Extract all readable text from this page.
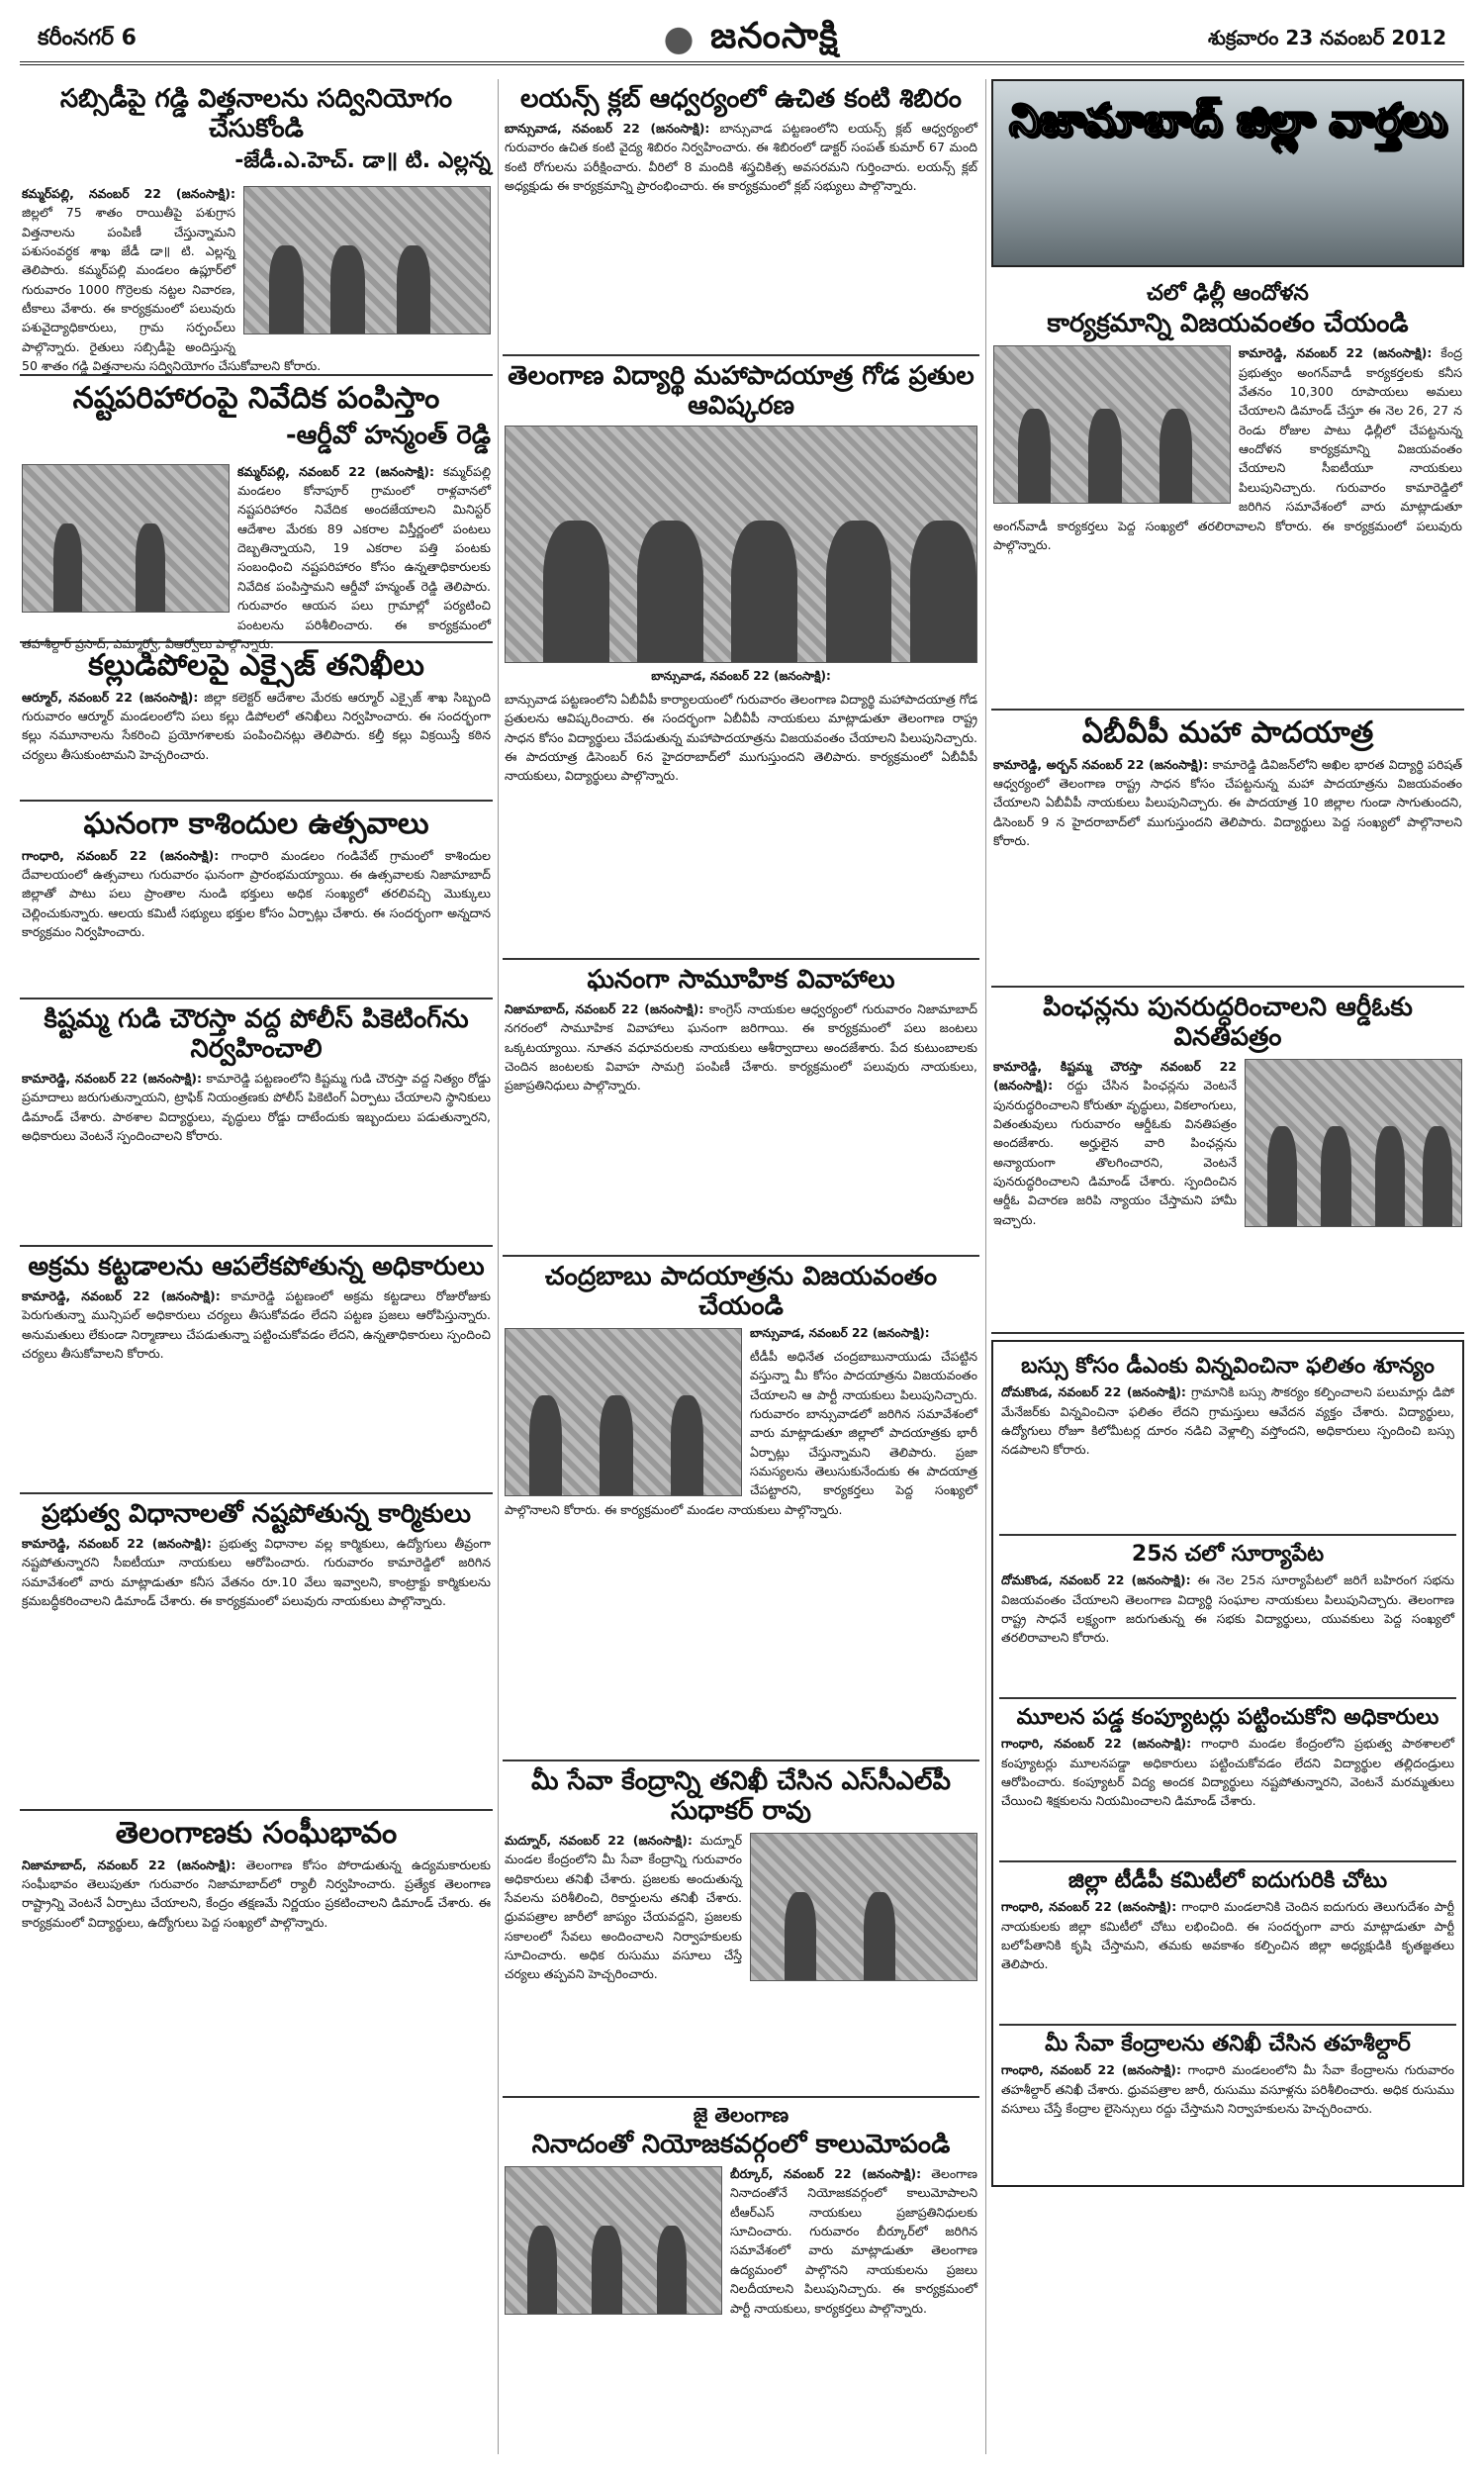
కరీంనగర్ 6	జనంసాక్షి	శుక్రవారం 23 నవంబర్ 2012
సబ్సిడీపై గడ్డి విత్తనాలను సద్వినియోగం చేసుకోండి
-జేడీ.ఎ.హెచ్. డా॥ టి. ఎల్లన్న
కమ్మర్‌పల్లి, నవంబర్ 22 (జనంసాక్షి): జిల్లలో 75 శాతం రాయితీపై పశుగ్రాస విత్తనాలను పంపిణీ చేస్తున్నామని పశుసంవర్ధక శాఖ జేడీ డా॥ టి. ఎల్లన్న తెలిపారు. కమ్మర్‌పల్లి మండలం ఉప్లూర్‌లో గురువారం 1000 గొర్రెలకు నట్టల నివారణ, టీకాలు వేశారు. ఈ కార్యక్రమంలో పలువురు పశువైద్యాధికారులు, గ్రామ సర్పంచ్‌లు పాల్గొన్నారు. రైతులు సబ్సిడీపై అందిస్తున్న 50 శాతం గడ్డి విత్తనాలను సద్వినియోగం చేసుకోవాలని కోరారు.
నష్టపరిహారంపై నివేదిక పంపిస్తాం
-ఆర్డీవో హన్మంత్ రెడ్డి
కమ్మర్‌పల్లి, నవంబర్ 22 (జనంసాక్షి): కమ్మర్‌పల్లి మండలం కోనాపూర్ గ్రామంలో రాళ్లవానలో నష్టపరిహారం నివేదిక అందజేయాలని మినిస్టర్ ఆదేశాల మేరకు 89 ఎకరాల విస్తీర్ణంలో పంటలు దెబ్బతిన్నాయని, 19 ఎకరాల పత్తి పంటకు సంబంధించి నష్టపరిహారం కోసం ఉన్నతాధికారులకు నివేదిక పంపిస్తామని ఆర్డీవో హన్మంత్ రెడ్డి తెలిపారు. గురువారం ఆయన పలు గ్రామాల్లో పర్యటించి పంటలను పరిశీలించారు. ఈ కార్యక్రమంలో తహశీల్దార్ ప్రసాద్, ఎమ్మార్వో, వీఆర్వోలు పాల్గొన్నారు.
కల్లుడిపోలపై ఎక్సైజ్ తనిఖీలు
ఆర్మూర్, నవంబర్ 22 (జనంసాక్షి): జిల్లా కలెక్టర్ ఆదేశాల మేరకు ఆర్మూర్ ఎక్సైజ్ శాఖ సిబ్బంది గురువారం ఆర్మూర్ మండలంలోని పలు కల్లు డిపోలలో తనిఖీలు నిర్వహించారు. ఈ సందర్భంగా కల్లు నమూనాలను సేకరించి ప్రయోగశాలకు పంపించినట్లు తెలిపారు. కల్తీ కల్లు విక్రయిస్తే కఠిన చర్యలు తీసుకుంటామని హెచ్చరించారు.
ఘనంగా కాశిందుల ఉత్సవాలు
గాంధారి, నవంబర్ 22 (జనంసాక్షి): గాంధారి మండలం గండివేట్ గ్రామంలో కాశిందుల దేవాలయంలో ఉత్సవాలు గురువారం ఘనంగా ప్రారంభమయ్యాయి. ఈ ఉత్సవాలకు నిజామాబాద్ జిల్లాతో పాటు పలు ప్రాంతాల నుండి భక్తులు అధిక సంఖ్యలో తరలివచ్చి మొక్కులు చెల్లించుకున్నారు. ఆలయ కమిటీ సభ్యులు భక్తుల కోసం ఏర్పాట్లు చేశారు. ఈ సందర్భంగా అన్నదాన కార్యక్రమం నిర్వహించారు.
కిష్టమ్మ గుడి చౌరస్తా వద్ద పోలీస్ పికెటింగ్‌ను నిర్వహించాలి
కామారెడ్డి, నవంబర్ 22 (జనంసాక్షి): కామారెడ్డి పట్టణంలోని కిష్టమ్మ గుడి చౌరస్తా వద్ద నిత్యం రోడ్డు ప్రమాదాలు జరుగుతున్నాయని, ట్రాఫిక్ నియంత్రణకు పోలీస్ పికెటింగ్ ఏర్పాటు చేయాలని స్థానికులు డిమాండ్ చేశారు. పాఠశాల విద్యార్థులు, వృద్ధులు రోడ్డు దాటేందుకు ఇబ్బందులు పడుతున్నారని, అధికారులు వెంటనే స్పందించాలని కోరారు.
అక్రమ కట్టడాలను ఆపలేకపోతున్న అధికారులు
కామారెడ్డి, నవంబర్ 22 (జనంసాక్షి): కామారెడ్డి పట్టణంలో అక్రమ కట్టడాలు రోజురోజుకు పెరుగుతున్నా మున్సిపల్ అధికారులు చర్యలు తీసుకోవడం లేదని పట్టణ ప్రజలు ఆరోపిస్తున్నారు. అనుమతులు లేకుండా నిర్మాణాలు చేపడుతున్నా పట్టించుకోవడం లేదని, ఉన్నతాధికారులు స్పందించి చర్యలు తీసుకోవాలని కోరారు.
ప్రభుత్వ విధానాలతో నష్టపోతున్న కార్మికులు
కామారెడ్డి, నవంబర్ 22 (జనంసాక్షి): ప్రభుత్వ విధానాల వల్ల కార్మికులు, ఉద్యోగులు తీవ్రంగా నష్టపోతున్నారని సీఐటీయూ నాయకులు ఆరోపించారు. గురువారం కామారెడ్డిలో జరిగిన సమావేశంలో వారు మాట్లాడుతూ కనీస వేతనం రూ.10 వేలు ఇవ్వాలని, కాంట్రాక్టు కార్మికులను క్రమబద్ధీకరించాలని డిమాండ్ చేశారు. ఈ కార్యక్రమంలో పలువురు నాయకులు పాల్గొన్నారు.
తెలంగాణకు సంఘీభావం
నిజామాబాద్, నవంబర్ 22 (జనంసాక్షి): తెలంగాణ కోసం పోరాడుతున్న ఉద్యమకారులకు సంఘీభావం తెలుపుతూ గురువారం నిజామాబాద్‌లో ర్యాలీ నిర్వహించారు. ప్రత్యేక తెలంగాణ రాష్ట్రాన్ని వెంటనే ఏర్పాటు చేయాలని, కేంద్రం తక్షణమే నిర్ణయం ప్రకటించాలని డిమాండ్ చేశారు. ఈ కార్యక్రమంలో విద్యార్థులు, ఉద్యోగులు పెద్ద సంఖ్యలో పాల్గొన్నారు.
లయన్స్ క్లబ్ ఆధ్వర్యంలో ఉచిత కంటి శిబిరం
బాన్సువాడ, నవంబర్ 22 (జనంసాక్షి): బాన్సువాడ పట్టణంలోని లయన్స్ క్లబ్ ఆధ్వర్యంలో గురువారం ఉచిత కంటి వైద్య శిబిరం నిర్వహించారు. ఈ శిబిరంలో డాక్టర్ సంపత్ కుమార్ 67 మంది కంటి రోగులను పరీక్షించారు. వీరిలో 8 మందికి శస్త్రచికిత్స అవసరమని గుర్తించారు. లయన్స్ క్లబ్ అధ్యక్షుడు ఈ కార్యక్రమాన్ని ప్రారంభించారు. ఈ కార్యక్రమంలో క్లబ్ సభ్యులు పాల్గొన్నారు.
తెలంగాణ విద్యార్థి మహాపాదయాత్ర గోడ ప్రతుల ఆవిష్కరణ
బాన్సువాడ, నవంబర్ 22 (జనంసాక్షి):
బాన్సువాడ పట్టణంలోని ఏబీవీపీ కార్యాలయంలో గురువారం తెలంగాణ విద్యార్థి మహాపాదయాత్ర గోడ ప్రతులను ఆవిష్కరించారు. ఈ సందర్భంగా ఏబీవీపీ నాయకులు మాట్లాడుతూ తెలంగాణ రాష్ట్ర సాధన కోసం విద్యార్థులు చేపడుతున్న మహాపాదయాత్రను విజయవంతం చేయాలని పిలుపునిచ్చారు. ఈ పాదయాత్ర డిసెంబర్ 6న హైదరాబాద్‌లో ముగుస్తుందని తెలిపారు. కార్యక్రమంలో ఏబీవీపీ నాయకులు, విద్యార్థులు పాల్గొన్నారు.
ఘనంగా సామూహిక వివాహాలు
నిజామాబాద్, నవంబర్ 22 (జనంసాక్షి): కాంగ్రెస్ నాయకుల ఆధ్వర్యంలో గురువారం నిజామాబాద్ నగరంలో సామూహిక వివాహాలు ఘనంగా జరిగాయి. ఈ కార్యక్రమంలో పలు జంటలు ఒక్కటయ్యాయి. నూతన వధూవరులకు నాయకులు ఆశీర్వాదాలు అందజేశారు. పేద కుటుంబాలకు చెందిన జంటలకు వివాహ సామగ్రి పంపిణీ చేశారు. కార్యక్రమంలో పలువురు నాయకులు, ప్రజాప్రతినిధులు పాల్గొన్నారు.
చంద్రబాబు పాదయాత్రను విజయవంతం చేయండి
బాన్సువాడ, నవంబర్ 22 (జనంసాక్షి):
టీడీపీ అధినేత చంద్రబాబునాయుడు చేపట్టిన వస్తున్నా మీ కోసం పాదయాత్రను విజయవంతం చేయాలని ఆ పార్టీ నాయకులు పిలుపునిచ్చారు. గురువారం బాన్సువాడలో జరిగిన సమావేశంలో వారు మాట్లాడుతూ జిల్లాలో పాదయాత్రకు భారీ ఏర్పాట్లు చేస్తున్నామని తెలిపారు. ప్రజా సమస్యలను తెలుసుకునేందుకు ఈ పాదయాత్ర చేపట్టారని, కార్యకర్తలు పెద్ద సంఖ్యలో పాల్గొనాలని కోరారు. ఈ కార్యక్రమంలో మండల నాయకులు పాల్గొన్నారు.
మీ సేవా కేంద్రాన్ని తనిఖీ చేసిన ఎస్‌సీఎల్‌పీ సుధాకర్ రావు
మద్నూర్, నవంబర్ 22 (జనంసాక్షి): మద్నూర్ మండల కేంద్రంలోని మీ సేవా కేంద్రాన్ని గురువారం అధికారులు తనిఖీ చేశారు. ప్రజలకు అందుతున్న సేవలను పరిశీలించి, రికార్డులను తనిఖీ చేశారు. ధ్రువపత్రాల జారీలో జాప్యం చేయవద్దని, ప్రజలకు సకాలంలో సేవలు అందించాలని నిర్వాహకులకు సూచించారు. అధిక రుసుము వసూలు చేస్తే చర్యలు తప్పవని హెచ్చరించారు.
జై తెలంగాణ
నినాదంతో నియోజకవర్గంలో కాలుమోపండి
బీర్కూర్, నవంబర్ 22 (జనంసాక్షి): తెలంగాణ నినాదంతోనే నియోజకవర్గంలో కాలుమోపాలని టీఆర్ఎస్ నాయకులు ప్రజాప్రతినిధులకు సూచించారు. గురువారం బీర్కూర్‌లో జరిగిన సమావేశంలో వారు మాట్లాడుతూ తెలంగాణ ఉద్యమంలో పాల్గొనని నాయకులను ప్రజలు నిలదీయాలని పిలుపునిచ్చారు. ఈ కార్యక్రమంలో పార్టీ నాయకులు, కార్యకర్తలు పాల్గొన్నారు.
నిజామాబాద్ జిల్లా వార్తలు
చలో ఢిల్లీ ఆందోళన
కార్యక్రమాన్ని విజయవంతం చేయండి
కామారెడ్డి, నవంబర్ 22 (జనంసాక్షి): కేంద్ర ప్రభుత్వం అంగన్‌వాడీ కార్యకర్తలకు కనీస వేతనం 10,300 రూపాయలు అమలు చేయాలని డిమాండ్ చేస్తూ ఈ నెల 26, 27 న రెండు రోజుల పాటు ఢిల్లీలో చేపట్టనున్న ఆందోళన కార్యక్రమాన్ని విజయవంతం చేయాలని సీఐటీయూ నాయకులు పిలుపునిచ్చారు. గురువారం కామారెడ్డిలో జరిగిన సమావేశంలో వారు మాట్లాడుతూ అంగన్‌వాడీ కార్యకర్తలు పెద్ద సంఖ్యలో తరలిరావాలని కోరారు. ఈ కార్యక్రమంలో పలువురు పాల్గొన్నారు.
ఏబీవీపీ మహా పాదయాత్ర
కామారెడ్డి, అర్బన్ నవంబర్ 22 (జనంసాక్షి): కామారెడ్డి డివిజన్‌లోని అఖిల భారత విద్యార్థి పరిషత్ ఆధ్వర్యంలో తెలంగాణ రాష్ట్ర సాధన కోసం చేపట్టనున్న మహా పాదయాత్రను విజయవంతం చేయాలని ఏబీవీపీ నాయకులు పిలుపునిచ్చారు. ఈ పాదయాత్ర 10 జిల్లాల గుండా సాగుతుందని, డిసెంబర్ 9 న హైదరాబాద్‌లో ముగుస్తుందని తెలిపారు. విద్యార్థులు పెద్ద సంఖ్యలో పాల్గొనాలని కోరారు.
పింఛన్లను పునరుద్ధరించాలని ఆర్డీఓకు వినతిపత్రం
కామారెడ్డి, కిష్టమ్మ చౌరస్తా నవంబర్ 22 (జనంసాక్షి): రద్దు చేసిన పింఛన్లను వెంటనే పునరుద్ధరించాలని కోరుతూ వృద్ధులు, వికలాంగులు, వితంతువులు గురువారం ఆర్డీఓకు వినతిపత్రం అందజేశారు. అర్హులైన వారి పింఛన్లను అన్యాయంగా తొలగించారని, వెంటనే పునరుద్ధరించాలని డిమాండ్ చేశారు. స్పందించిన ఆర్డీఓ విచారణ జరిపి న్యాయం చేస్తామని హామీ ఇచ్చారు.
బస్సు కోసం డీఎంకు విన్నవించినా ఫలితం శూన్యం
దోమకొండ, నవంబర్ 22 (జనంసాక్షి): గ్రామానికి బస్సు సౌకర్యం కల్పించాలని పలుమార్లు డిపో మేనేజర్‌కు విన్నవించినా ఫలితం లేదని గ్రామస్తులు ఆవేదన వ్యక్తం చేశారు. విద్యార్థులు, ఉద్యోగులు రోజూ కిలోమీటర్ల దూరం నడిచి వెళ్లాల్సి వస్తోందని, అధికారులు స్పందించి బస్సు నడపాలని కోరారు.
25న చలో సూర్యాపేట
దోమకొండ, నవంబర్ 22 (జనంసాక్షి): ఈ నెల 25న సూర్యాపేటలో జరిగే బహిరంగ సభను విజయవంతం చేయాలని తెలంగాణ విద్యార్థి సంఘాల నాయకులు పిలుపునిచ్చారు. తెలంగాణ రాష్ట్ర సాధనే లక్ష్యంగా జరుగుతున్న ఈ సభకు విద్యార్థులు, యువకులు పెద్ద సంఖ్యలో తరలిరావాలని కోరారు.
మూలన పడ్డ కంప్యూటర్లు పట్టించుకోని అధికారులు
గాంధారి, నవంబర్ 22 (జనంసాక్షి): గాంధారి మండల కేంద్రంలోని ప్రభుత్వ పాఠశాలలో కంప్యూటర్లు మూలనపడ్డా అధికారులు పట్టించుకోవడం లేదని విద్యార్థుల తల్లిదండ్రులు ఆరోపించారు. కంప్యూటర్ విద్య అందక విద్యార్థులు నష్టపోతున్నారని, వెంటనే మరమ్మతులు చేయించి శిక్షకులను నియమించాలని డిమాండ్ చేశారు.
జిల్లా టీడీపీ కమిటీలో ఐదుగురికి చోటు
గాంధారి, నవంబర్ 22 (జనంసాక్షి): గాంధారి మండలానికి చెందిన ఐదుగురు తెలుగుదేశం పార్టీ నాయకులకు జిల్లా కమిటీలో చోటు లభించింది. ఈ సందర్భంగా వారు మాట్లాడుతూ పార్టీ బలోపేతానికి కృషి చేస్తామని, తమకు అవకాశం కల్పించిన జిల్లా అధ్యక్షుడికి కృతజ్ఞతలు తెలిపారు.
మీ సేవా కేంద్రాలను తనిఖీ చేసిన తహశీల్దార్
గాంధారి, నవంబర్ 22 (జనంసాక్షి): గాంధారి మండలంలోని మీ సేవా కేంద్రాలను గురువారం తహశీల్దార్ తనిఖీ చేశారు. ధ్రువపత్రాల జారీ, రుసుము వసూళ్లను పరిశీలించారు. అధిక రుసుము వసూలు చేస్తే కేంద్రాల లైసెన్సులు రద్దు చేస్తామని నిర్వాహకులను హెచ్చరించారు.
